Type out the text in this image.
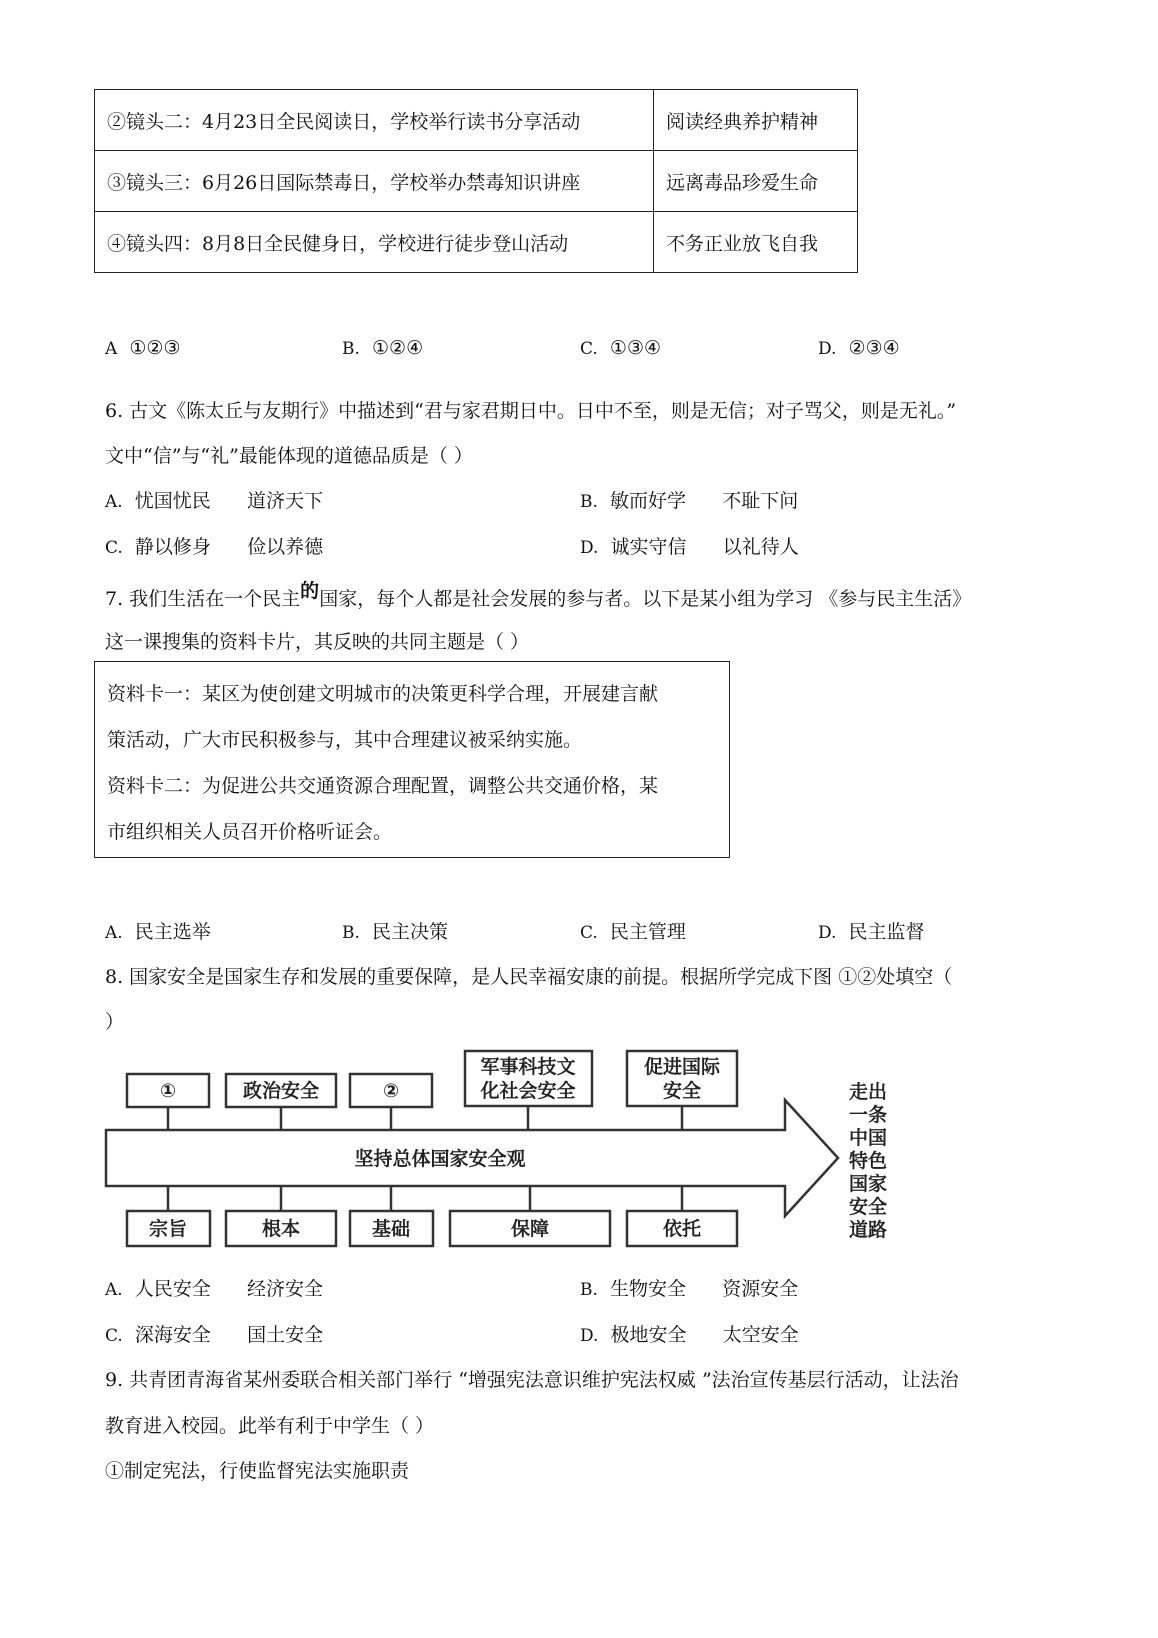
②镜头二：4月23日全民阅读日，学校举行读书分享活动	阅读经典养护精神
③镜头三：6月26日国际禁毒日，学校举办禁毒知识讲座	远离毒品珍爱生命
④镜头四：8月8日全民健身日，学校进行徒步登山活动	不务正业放飞自我
A ①②③	B. ①②④	C. ①③④	D. ②③④
6. 古文《陈太丘与友期行》中描述到“君与家君期日中。日中不至，则是无信；对子骂父，则是无礼。”
文中“信”与“礼”最能体现的道德品质是（ ）
A. 忧国忧民      道济天下	B. 敏而好学      不耻下问
C. 静以修身      俭以养德	D. 诚实守信      以礼待人
7. 我们生活在一个民主的国家，每个人都是社会发展的参与者。以下是某小组为学习 《参与民主生活》
这一课搜集的资料卡片，其反映的共同主题是（ ）
资料卡一：某区为使创建文明城市的决策更科学合理，开展建言献
策活动，广大市民积极参与，其中合理建议被采纳实施。
资料卡二：为促进公共交通资源合理配置，调整公共交通价格，某
市组织相关人员召开价格听证会。
A. 民主选举	B. 民主决策	C. 民主管理	D. 民主监督
8. 国家安全是国家生存和发展的重要保障，是人民幸福安康的前提。根据所学完成下图 ①②处填空（
）
①	政治安全	②
军事科技文
化社会安全
促进国际
安全
坚持总体国家安全观
宗旨	根本	基础	保障	依托
走出
一条
中国
特色
国家
安全
道路
A. 人民安全      经济安全	B. 生物安全      资源安全
C. 深海安全      国土安全	D. 极地安全      太空安全
9. 共青团青海省某州委联合相关部门举行 “增强宪法意识维护宪法权威 ”法治宣传基层行活动，让法治
教育进入校园。此举有利于中学生（ ）
①制定宪法，行使监督宪法实施职责
